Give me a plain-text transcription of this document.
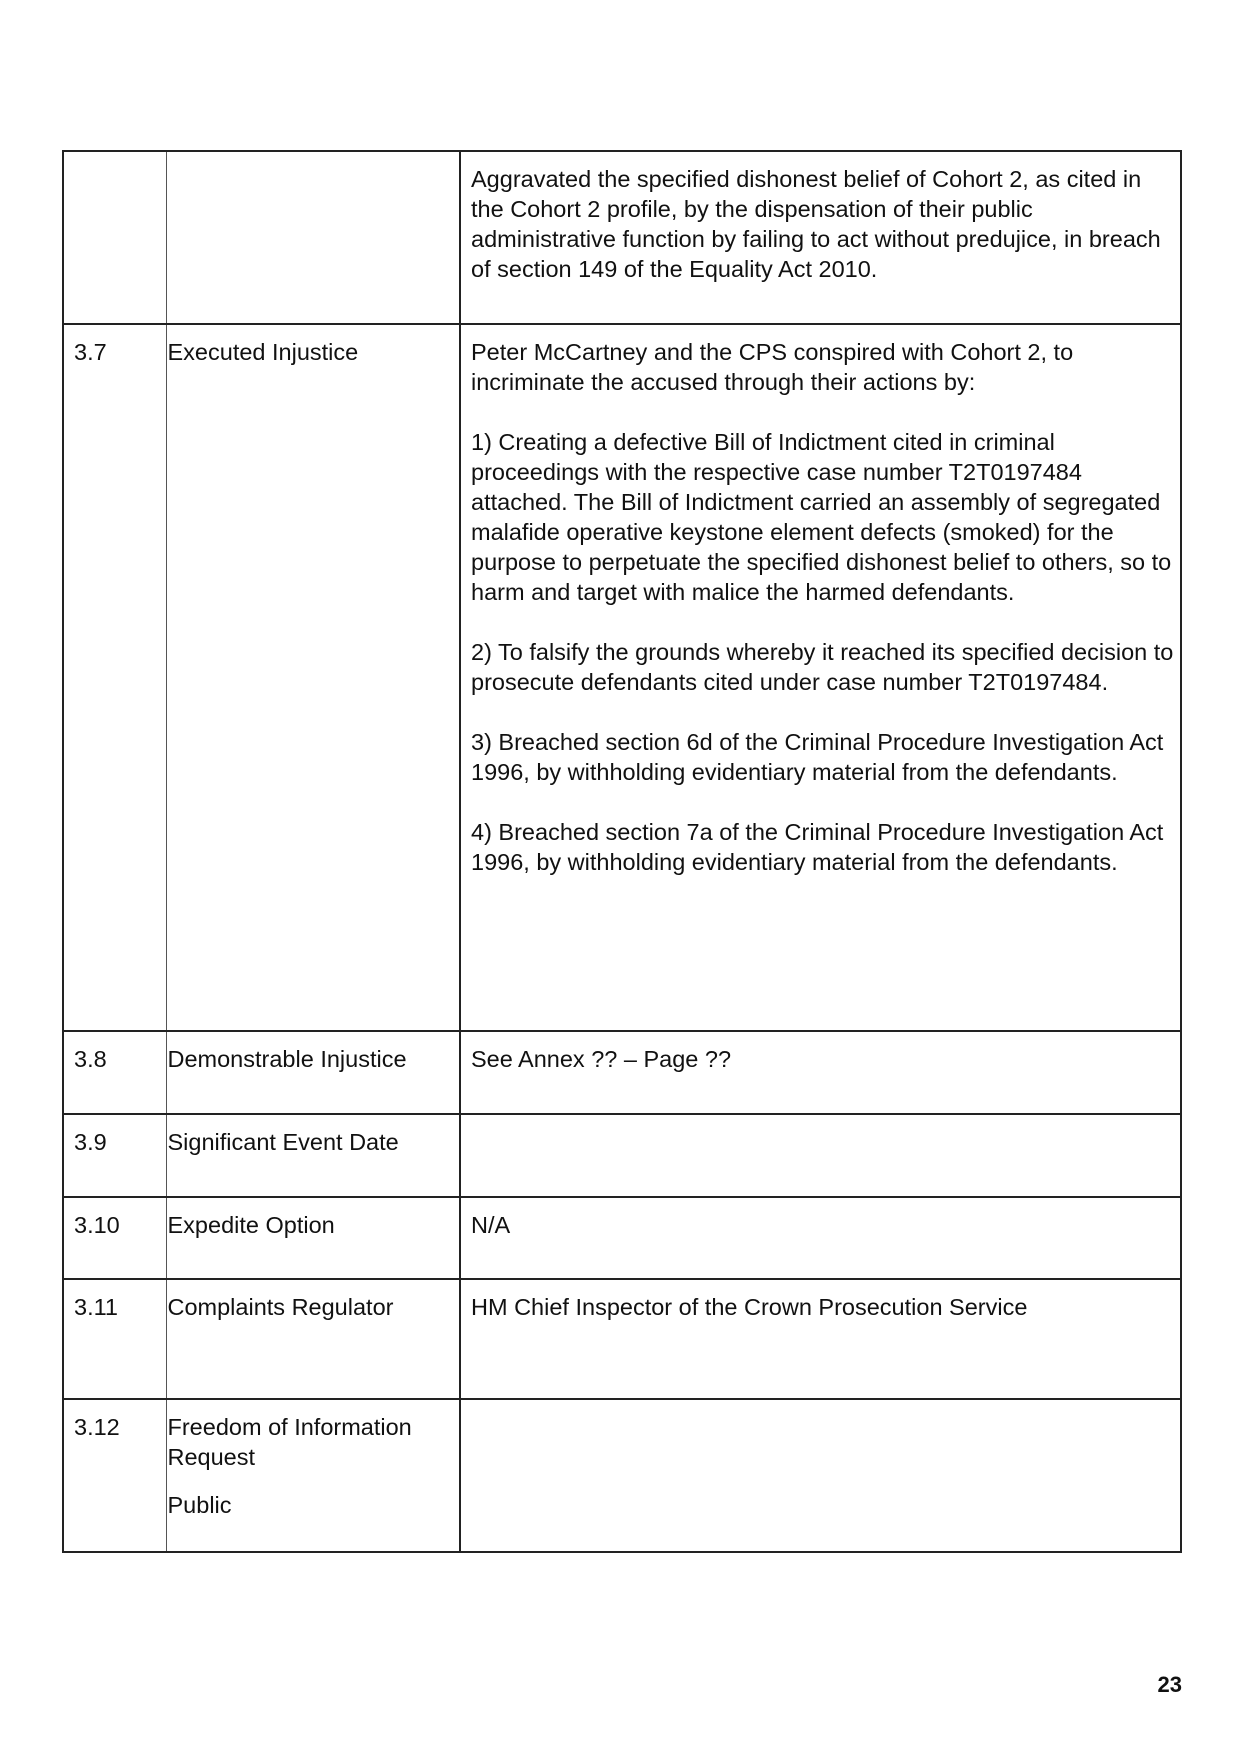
		Aggravated the specified dishonest belief of Cohort 2, as cited in the Cohort 2 profile, by the dispensation of their public administrative function by failing to act without predujice, in breach of section 149 of the Equality Act 2010.

3.7	Executed Injustice	Peter McCartney and the CPS conspired with Cohort 2, to incriminate the accused through their actions by:

1) Creating a defective Bill of Indictment cited in criminal proceedings with the respective case number T2T0197484 attached. The Bill of Indictment carried an assembly of segregated malafide operative keystone element defects (smoked) for the purpose to perpetuate the specified dishonest belief to others, so to harm and target with malice the harmed defendants.

2) To falsify the grounds whereby it reached its specified decision to prosecute defendants cited under case number T2T0197484.

3) Breached section 6d of the Criminal Procedure Investigation Act 1996, by withholding evidentiary material from the defendants.

4) Breached section 7a of the Criminal Procedure Investigation Act 1996, by withholding evidentiary material from the defendants.

3.8	Demonstrable Injustice	See Annex ?? – Page ??

3.9	Significant Event Date	

3.10	Expedite Option	N/A

3.11	Complaints Regulator	HM Chief Inspector of the Crown Prosecution Service

3.12	Freedom of Information Request
Public	

23
